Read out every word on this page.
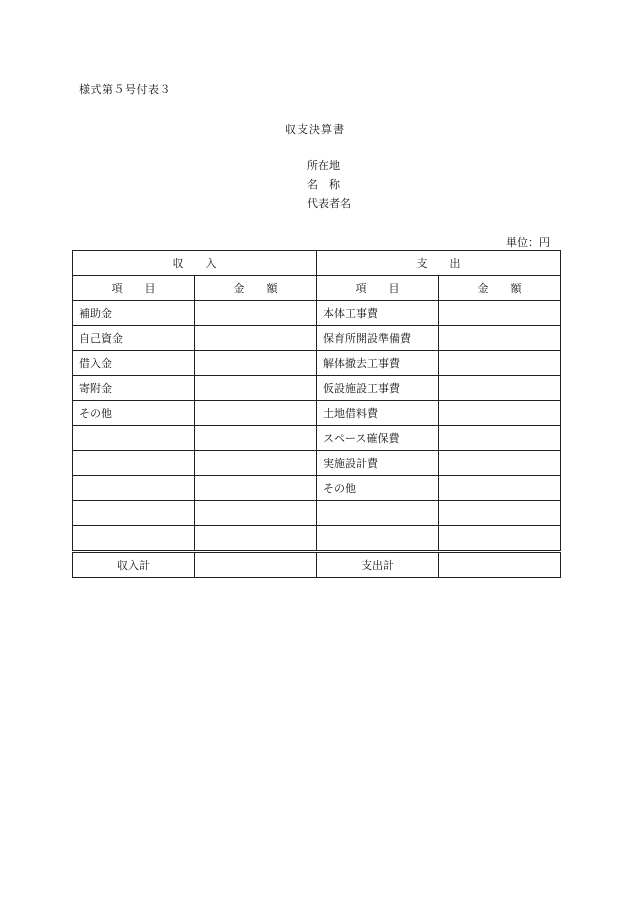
様式第５号付表３
収支決算書
所在地
名　称
代表者名
単位：円
収　　入		支　　出	
項　　目	金　　額	項　　目	金　　額
補助金		本体工事費	
自己資金		保育所開設準備費	
借入金		解体撤去工事費	
寄附金		仮設施設工事費	
その他		土地借料費	
		スペース確保費	
		実施設計費	
		その他	

収入計		支出計	
